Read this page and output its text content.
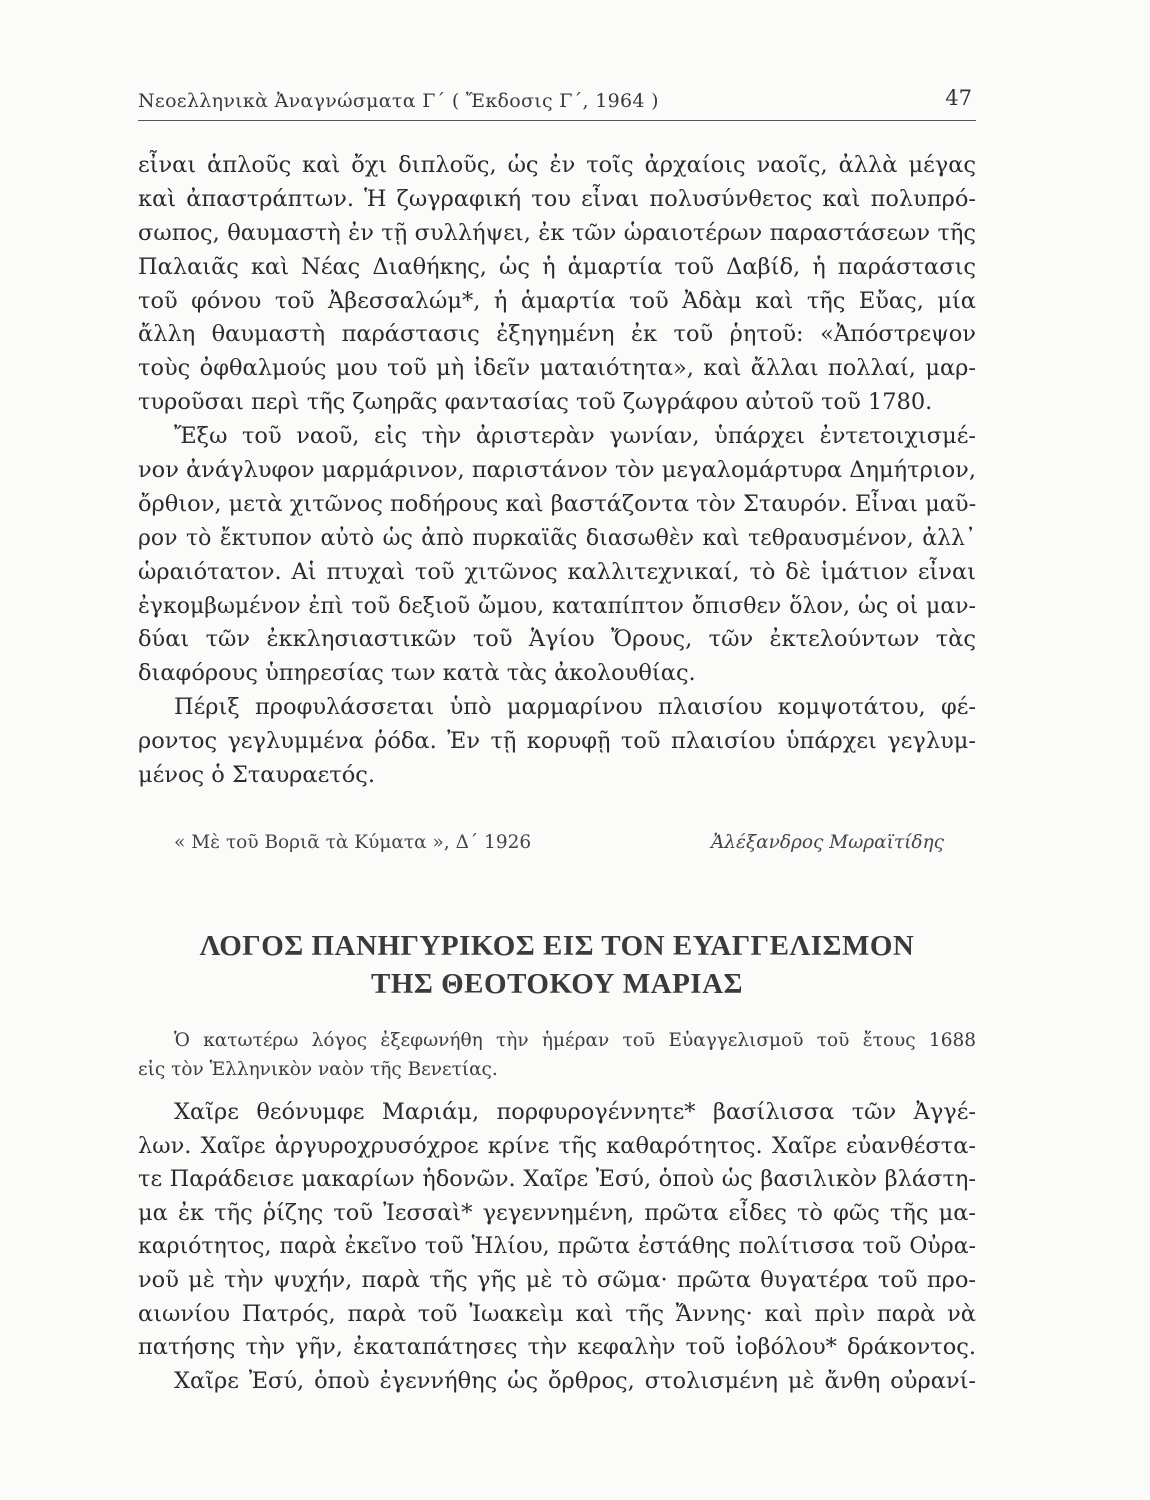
Νεοελληνικὰ Ἀναγνώσματα Γ´ ( Ἔκδοσις Γ´, 1964 )	47
εἶναι ἁπλοῦς καὶ ὄχι διπλοῦς, ὡς ἐν τοῖς ἀρχαίοις ναοῖς, ἀλλὰ μέγας
καὶ ἀπαστράπτων. Ἡ ζωγραφική του εἶναι πολυσύνθετος καὶ πολυπρό-
σωπος, θαυμαστὴ ἐν τῇ συλλήψει, ἐκ τῶν ὡραιοτέρων παραστάσεων τῆς
Παλαιᾶς καὶ Νέας Διαθήκης, ὡς ἡ ἁμαρτία τοῦ Δαβίδ, ἡ παράστασις
τοῦ φόνου τοῦ Ἀβεσσαλώμ*, ἡ ἁμαρτία τοῦ Ἀδὰμ καὶ τῆς Εὔας, μία
ἄλλη θαυμαστὴ παράστασις ἐξηγημένη ἐκ τοῦ ῥητοῦ: «Ἀπόστρεψον
τοὺς ὀφθαλμούς μου τοῦ μὴ ἰδεῖν ματαιότητα», καὶ ἄλλαι πολλαί, μαρ-
τυροῦσαι περὶ τῆς ζωηρᾶς φαντασίας τοῦ ζωγράφου αὐτοῦ τοῦ 1780.
Ἔξω τοῦ ναοῦ, εἰς τὴν ἀριστερὰν γωνίαν, ὑπάρχει ἐντετοιχισμέ-
νον ἀνάγλυφον μαρμάρινον, παριστάνον τὸν μεγαλομάρτυρα Δημήτριον,
ὄρθιον, μετὰ χιτῶνος ποδήρους καὶ βαστάζοντα τὸν Σταυρόν. Εἶναι μαῦ-
ρον τὸ ἔκτυπον αὐτὸ ὡς ἀπὸ πυρκαϊᾶς διασωθὲν καὶ τεθραυσμένον, ἀλλ᾽
ὡραιότατον. Αἱ πτυχαὶ τοῦ χιτῶνος καλλιτεχνικαί, τὸ δὲ ἱμάτιον εἶναι
ἐγκομβωμένον ἐπὶ τοῦ δεξιοῦ ὤμου, καταπίπτον ὄπισθεν ὅλον, ὡς οἱ μαν-
δύαι τῶν ἐκκλησιαστικῶν τοῦ Ἁγίου Ὄρους, τῶν ἐκτελούντων τὰς
διαφόρους ὑπηρεσίας των κατὰ τὰς ἀκολουθίας.
Πέριξ προφυλάσσεται ὑπὸ μαρμαρίνου πλαισίου κομψοτάτου, φέ-
ροντος γεγλυμμένα ῥόδα. Ἐν τῇ κορυφῇ τοῦ πλαισίου ὑπάρχει γεγλυμ-
μένος ὁ Σταυραετός.
« Μὲ τοῦ Βοριᾶ τὰ Κύματα », Δ´ 1926	Ἀλέξανδρος Μωραϊτίδης
ΛΟΓΟΣ ΠΑΝΗΓΥΡΙΚΟΣ ΕΙΣ ΤΟΝ ΕΥΑΓΓΕΛΙΣΜΟΝ
ΤΗΣ ΘΕΟΤΟΚΟΥ ΜΑΡΙΑΣ
Ὁ κατωτέρω λόγος ἐξεφωνήθη τὴν ἡμέραν τοῦ Εὐαγγελισμοῦ τοῦ ἔτους 1688
εἰς τὸν Ἑλληνικὸν ναὸν τῆς Βενετίας.
Χαῖρε θεόνυμφε Μαριάμ, πορφυρογέννητε* βασίλισσα τῶν Ἀγγέ-
λων. Χαῖρε ἀργυροχρυσόχροε κρίνε τῆς καθαρότητος. Χαῖρε εὐανθέστα-
τε Παράδεισε μακαρίων ἡδονῶν. Χαῖρε Ἐσύ, ὁποὺ ὡς βασιλικὸν βλάστη-
μα ἐκ τῆς ῥίζης τοῦ Ἰεσσαὶ* γεγεννημένη, πρῶτα εἶδες τὸ φῶς τῆς μα-
καριότητος, παρὰ ἐκεῖνο τοῦ Ἡλίου, πρῶτα ἐστάθης πολίτισσα τοῦ Οὐρα-
νοῦ μὲ τὴν ψυχήν, παρὰ τῆς γῆς μὲ τὸ σῶμα· πρῶτα θυγατέρα τοῦ προ-
αιωνίου Πατρός, παρὰ τοῦ Ἰωακεὶμ καὶ τῆς Ἄννης· καὶ πρὶν παρὰ νὰ
πατήσης τὴν γῆν, ἐκαταπάτησες τὴν κεφαλὴν τοῦ ἰοβόλου* δράκοντος.
Χαῖρε Ἐσύ, ὁποὺ ἐγεννήθης ὡς ὄρθρος, στολισμένη μὲ ἄνθη οὐρανί-
